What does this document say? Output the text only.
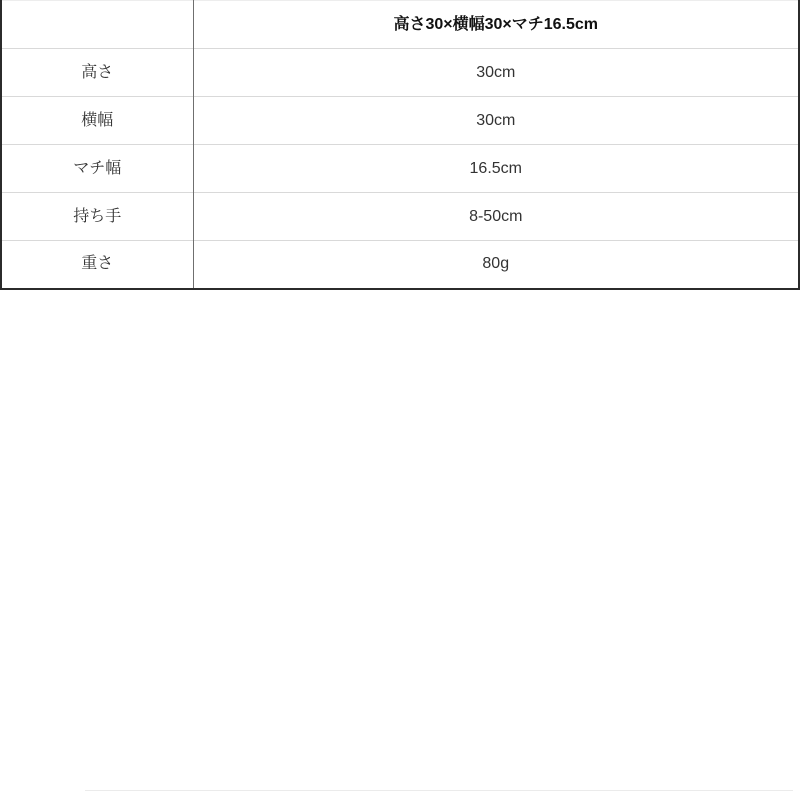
	高さ30×横幅30×マチ16.5cm
高さ	30cm
横幅	30cm
マチ幅	16.5cm
持ち手	8-50cm
重さ	80g
